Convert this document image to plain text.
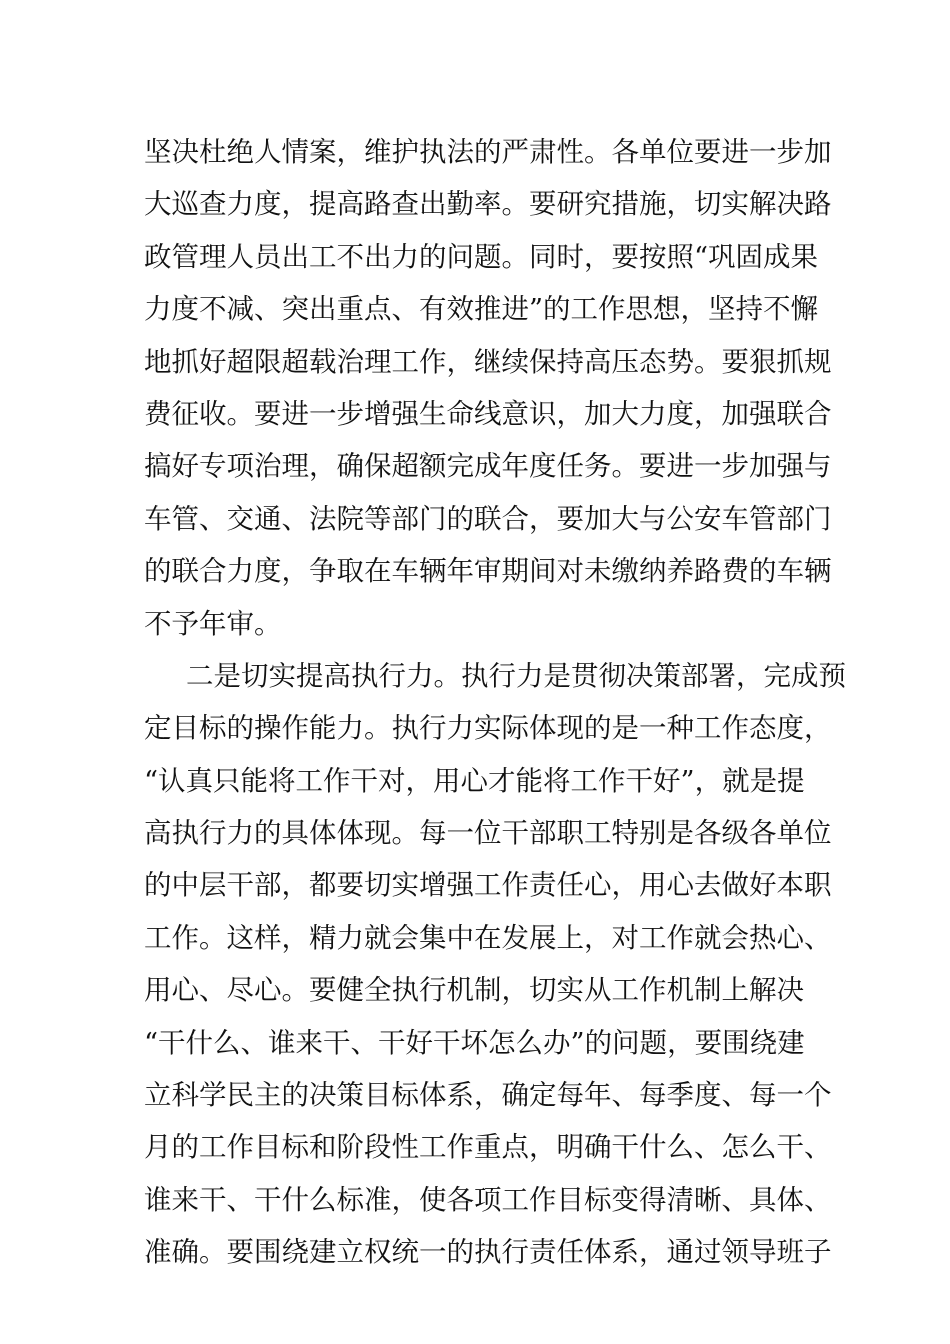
坚决杜绝人情案，维护执法的严肃性。各单位要进一步加
大巡查力度，提高路查出勤率。要研究措施，切实解决路
政管理人员出工不出力的问题。同时，要按照“巩固成果
力度不减、突出重点、有效推进”的工作思想，坚持不懈
地抓好超限超载治理工作，继续保持高压态势。要狠抓规
费征收。要进一步增强生命线意识，加大力度，加强联合
搞好专项治理，确保超额完成年度任务。要进一步加强与
车管、交通、法院等部门的联合，要加大与公安车管部门
的联合力度，争取在车辆年审期间对未缴纳养路费的车辆
不予年审。
二是切实提高执行力。执行力是贯彻决策部署，完成预
定目标的操作能力。执行力实际体现的是一种工作态度，
“认真只能将工作干对，用心才能将工作干好”，就是提
高执行力的具体体现。每一位干部职工特别是各级各单位
的中层干部，都要切实增强工作责任心，用心去做好本职
工作。这样，精力就会集中在发展上，对工作就会热心、
用心、尽心。要健全执行机制，切实从工作机制上解决
“干什么、谁来干、干好干坏怎么办”的问题，要围绕建
立科学民主的决策目标体系，确定每年、每季度、每一个
月的工作目标和阶段性工作重点，明确干什么、怎么干、
谁来干、干什么标准，使各项工作目标变得清晰、具体、
准确。要围绕建立权统一的执行责任体系，通过领导班子
